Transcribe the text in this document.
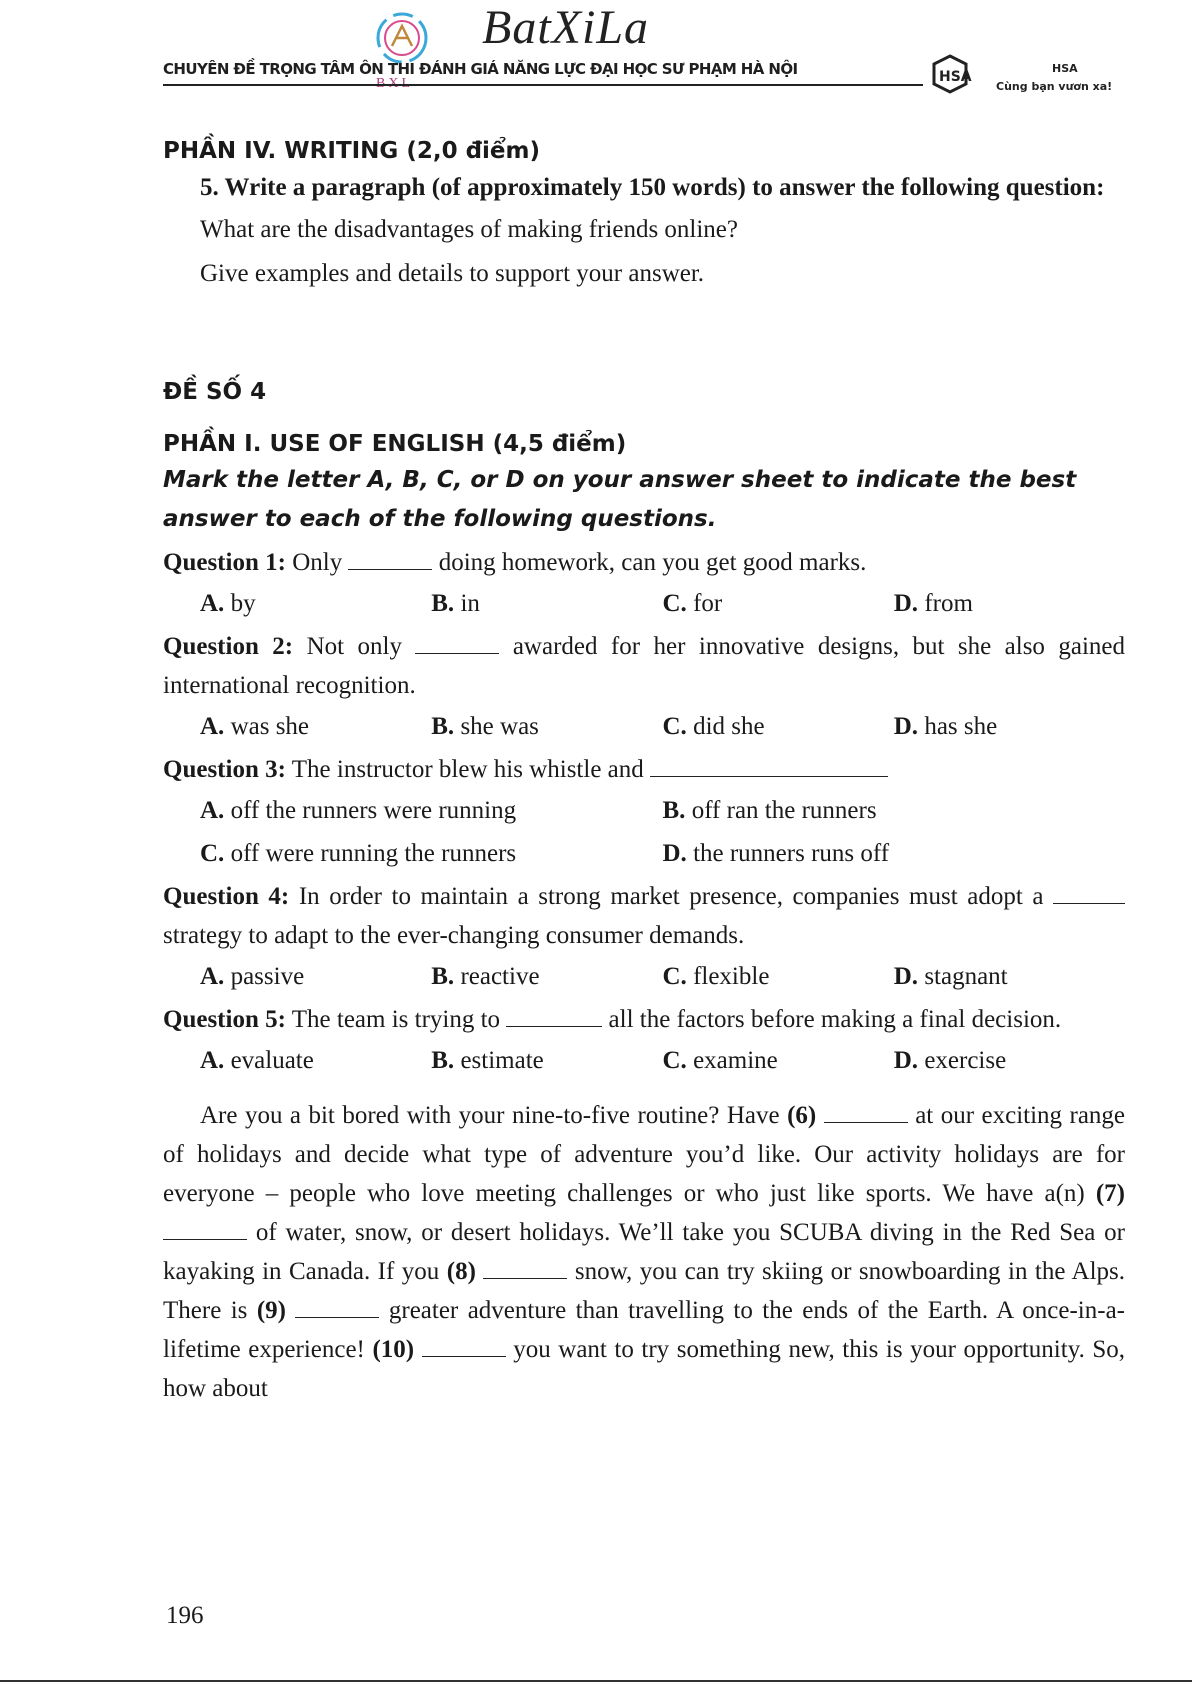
BatXiLa
CHUYÊN ĐỀ TRỌNG TÂM ÔN THI ĐÁNH GIÁ NĂNG LỰC ĐẠI HỌC SƯ PHẠM HÀ NỘI	HSA
HSA
Cùng bạn vươn xa!
PHẦN IV. WRITING (2,0 điểm)

5. Write a paragraph (of approximately 150 words) to answer the following question:

What are the disadvantages of making friends online?

Give examples and details to support your answer.

ĐỀ SỐ 4
PHẦN I. USE OF ENGLISH (4,5 điểm)

Mark the letter A, B, C, or D on your answer sheet to indicate the best answer to each of the following questions.

Question 1: Only	doing homework, can you get good marks.

A. by	B. in	C. for	D. from

Question 2: Not only	awarded for her innovative designs, but she also gained international recognition.

A. was she	B. she was	C. did she	D. has she

Question 3: The instructor blew his whistle and

A. off the runners were running	B. off ran the runners
C. off were running the runners	D. the runners runs off

Question 4: In order to maintain a strong market presence, companies must adopt a  strategy to adapt to the ever-changing consumer demands.

A. passive	B. reactive	C. flexible	D. stagnant

Question 5: The team is trying to	all the factors before making a final decision.

A. evaluate	B. estimate	C. examine	D. exercise

Are you a bit bored with your nine-to-five routine? Have (6)	at our exciting range of holidays and decide what type of adventure you’d like. Our activity holidays are for everyone – people who love meeting challenges or who just like sports. We have a(n) (7)  of water, snow, or desert holidays. We’ll take you SCUBA diving in the Red Sea or kayaking in Canada. If you (8)	snow, you can try skiing or snowboarding in the Alps. There is (9)	greater adventure than travelling to the ends of the Earth. A once-in-a-lifetime experience! (10)	you want to try something new, this is your opportunity. So, how about

196
